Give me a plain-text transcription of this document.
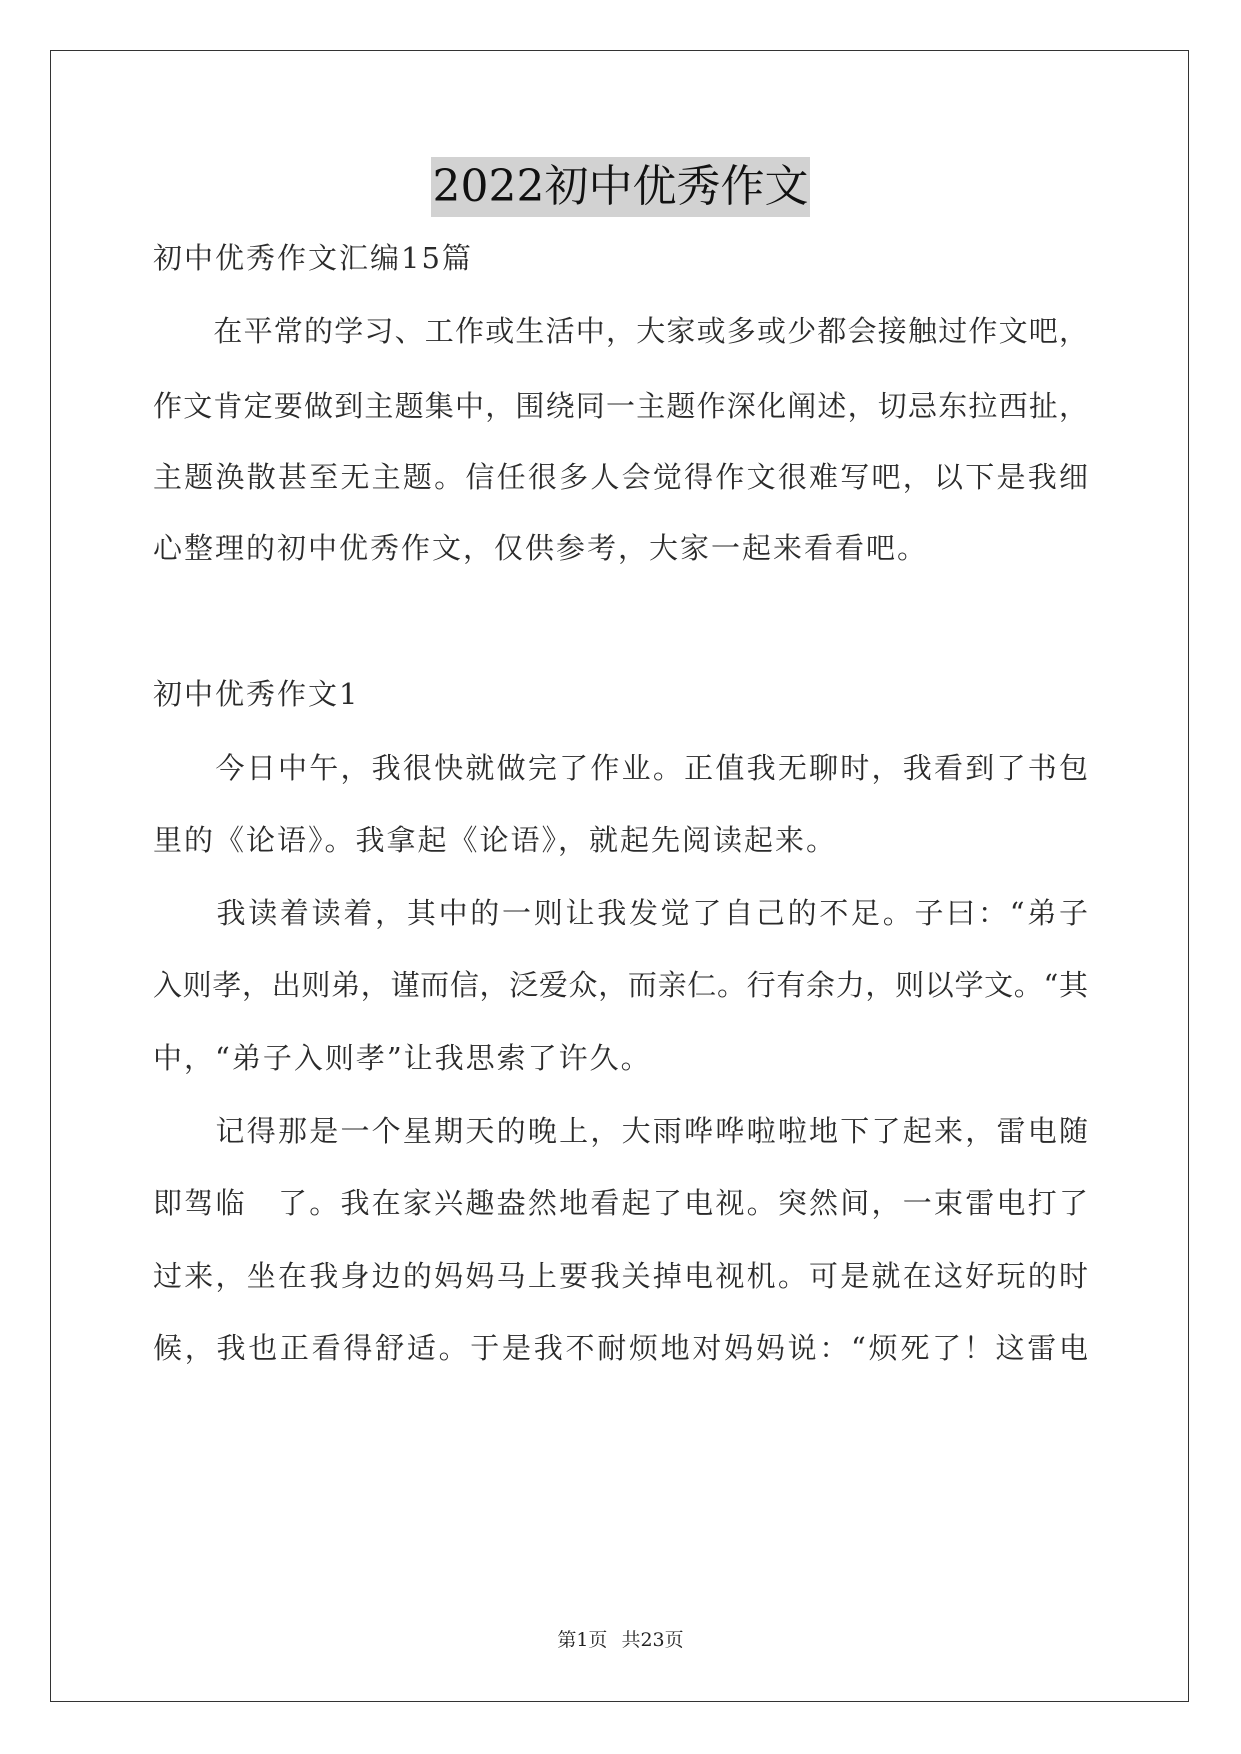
2022初中优秀作文
初中优秀作文汇编15篇
　　在平常的学习、工作或生活中，大家或多或少都会接触过作文吧，
作文肯定要做到主题集中，围绕同一主题作深化阐述，切忌东拉西扯，
主题涣散甚至无主题。信任很多人会觉得作文很难写吧，以下是我细
心整理的初中优秀作文，仅供参考，大家一起来看看吧。
初中优秀作文1
　　今日中午，我很快就做完了作业。正值我无聊时，我看到了书包
里的《论语》。我拿起《论语》，就起先阅读起来。
　　我读着读着，其中的一则让我发觉了自己的不足。子曰：“弟子
入则孝，出则弟，谨而信，泛爱众，而亲仁。行有余力，则以学文。“其
中，“弟子入则孝”让我思索了许久。
　　记得那是一个星期天的晚上，大雨哗哗啦啦地下了起来，雷电随
即驾临　了。我在家兴趣盎然地看起了电视。突然间，一束雷电打了
过来，坐在我身边的妈妈马上要我关掉电视机。可是就在这好玩的时
候，我也正看得舒适。于是我不耐烦地对妈妈说：“烦死了！这雷电
第1页 共23页
